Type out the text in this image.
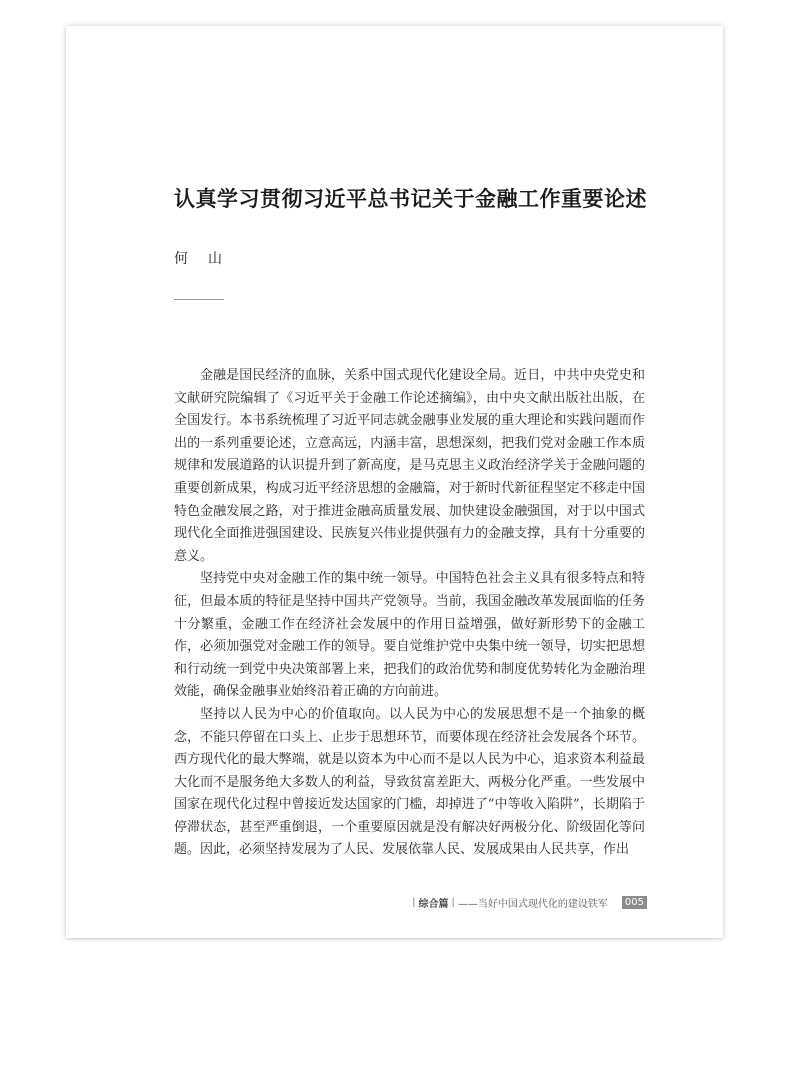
认真学习贯彻习近平总书记关于金融工作重要论述
何山

金融是国民经济的血脉，关系中国式现代化建设全局。近日，中共中央党史和文献研究院编辑了《习近平关于金融工作论述摘编》，由中央文献出版社出版，在全国发行。本书系统梳理了习近平同志就金融事业发展的重大理论和实践问题而作出的一系列重要论述，立意高远，内涵丰富，思想深刻，把我们党对金融工作本质规律和发展道路的认识提升到了新高度，是马克思主义政治经济学关于金融问题的重要创新成果，构成习近平经济思想的金融篇，对于新时代新征程坚定不移走中国特色金融发展之路，对于推进金融高质量发展、加快建设金融强国，对于以中国式现代化全面推进强国建设、民族复兴伟业提供强有力的金融支撑，具有十分重要的意义。

坚持党中央对金融工作的集中统一领导。中国特色社会主义具有很多特点和特征，但最本质的特征是坚持中国共产党领导。当前，我国金融改革发展面临的任务十分繁重，金融工作在经济社会发展中的作用日益增强，做好新形势下的金融工作，必须加强党对金融工作的领导。要自觉维护党中央集中统一领导，切实把思想和行动统一到党中央决策部署上来，把我们的政治优势和制度优势转化为金融治理效能，确保金融事业始终沿着正确的方向前进。

坚持以人民为中心的价值取向。以人民为中心的发展思想不是一个抽象的概念，不能只停留在口头上、止步于思想环节，而要体现在经济社会发展各个环节。西方现代化的最大弊端，就是以资本为中心而不是以人民为中心，追求资本利益最大化而不是服务绝大多数人的利益，导致贫富差距大、两极分化严重。一些发展中国家在现代化过程中曾接近发达国家的门槛，却掉进了“中等收入陷阱”，长期陷于停滞状态，甚至严重倒退，一个重要原因就是没有解决好两极分化、阶级固化等问题。因此，必须坚持发展为了人民、发展依靠人民、发展成果由人民共享，作出

| 综合篇 | ——当好中国式现代化的建设铁军	005
